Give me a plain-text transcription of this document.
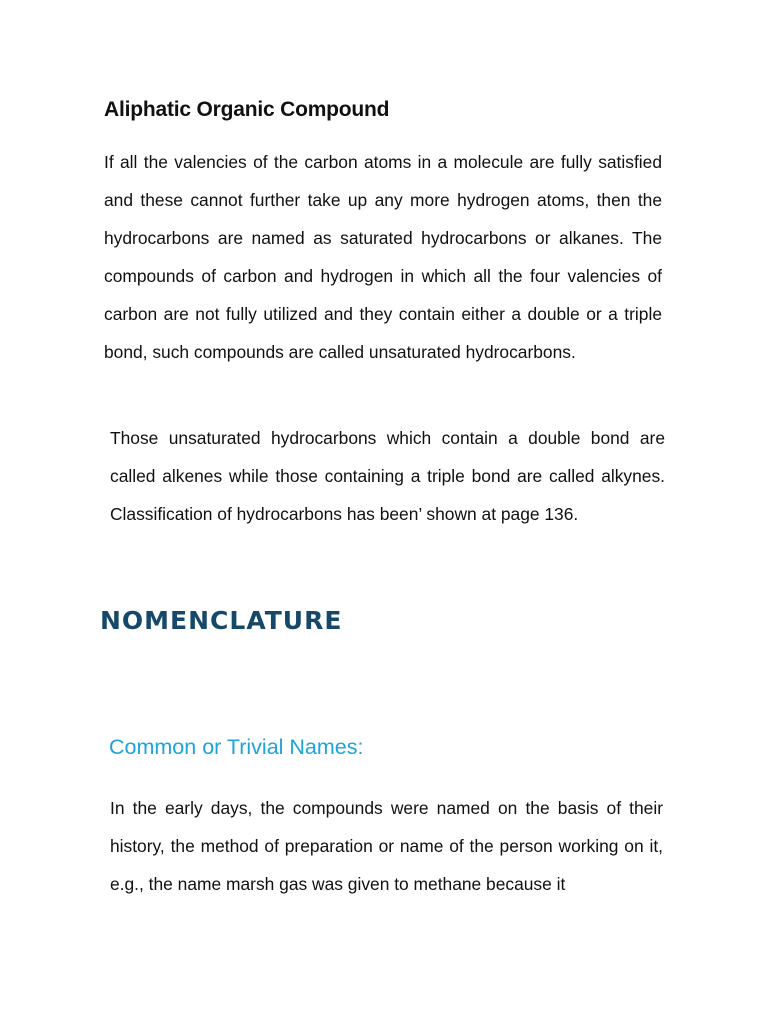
Aliphatic Organic Compound

If all the valencies of the carbon atoms in a molecule are fully satisfied and these cannot further take up any more hydrogen atoms, then the hydrocarbons are named as saturated hydrocarbons or alkanes. The compounds of carbon and hydrogen in which all the four valencies of carbon are not fully utilized and they contain either a double or a triple bond, such compounds are called unsaturated hydrocarbons.

Those unsaturated hydrocarbons which contain a double bond are called alkenes while those containing a triple bond are called alkynes. Classification of hydrocarbons has been’ shown at page 136.

NOMENCLATURE
Common or Trivial Names:

In the early days, the compounds were named on the basis of their history, the method of preparation or name of the person working on it, e.g., the name marsh gas was given to methane because it
